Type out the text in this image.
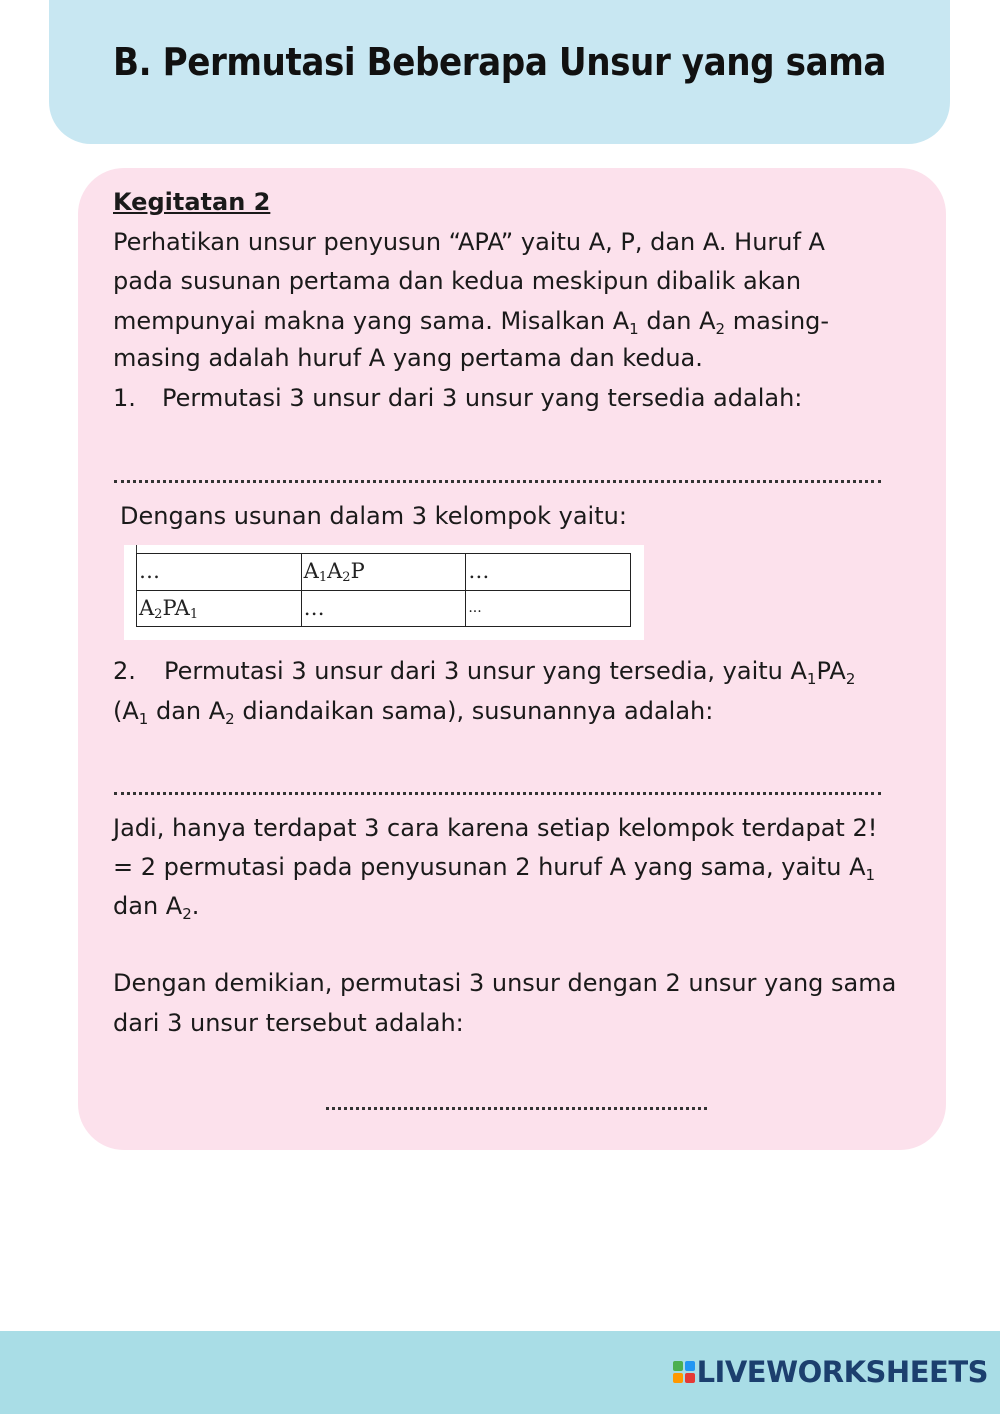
B. Permutasi Beberapa Unsur yang sama
Kegitatan 2
Perhatikan unsur penyusun “APA” yaitu A, P, dan A. Huruf A
pada susunan pertama dan kedua meskipun dibalik akan
mempunyai makna yang sama. Misalkan $A_1$ dan $A_2$ masing-
masing adalah huruf A yang pertama dan kedua.
1. Permutasi 3 unsur dari 3 unsur yang tersedia adalah:
Dengans usunan dalam 3 kelompok yaitu:
…	$A_1A_2P$	…

$A_2PA_1$	…	...
2. Permutasi 3 unsur dari 3 unsur yang tersedia, yaitu $A_1PA_2$
($A_1$ dan $A_2$ diandaikan sama), susunannya adalah:
Jadi, hanya terdapat 3 cara karena setiap kelompok terdapat 2!
= 2 permutasi pada penyusunan 2 huruf A yang sama, yaitu $A_1$
dan $A_2$.
Dengan demikian, permutasi 3 unsur dengan 2 unsur yang sama
dari 3 unsur tersebut adalah:
LIVEWORKSHEETS
